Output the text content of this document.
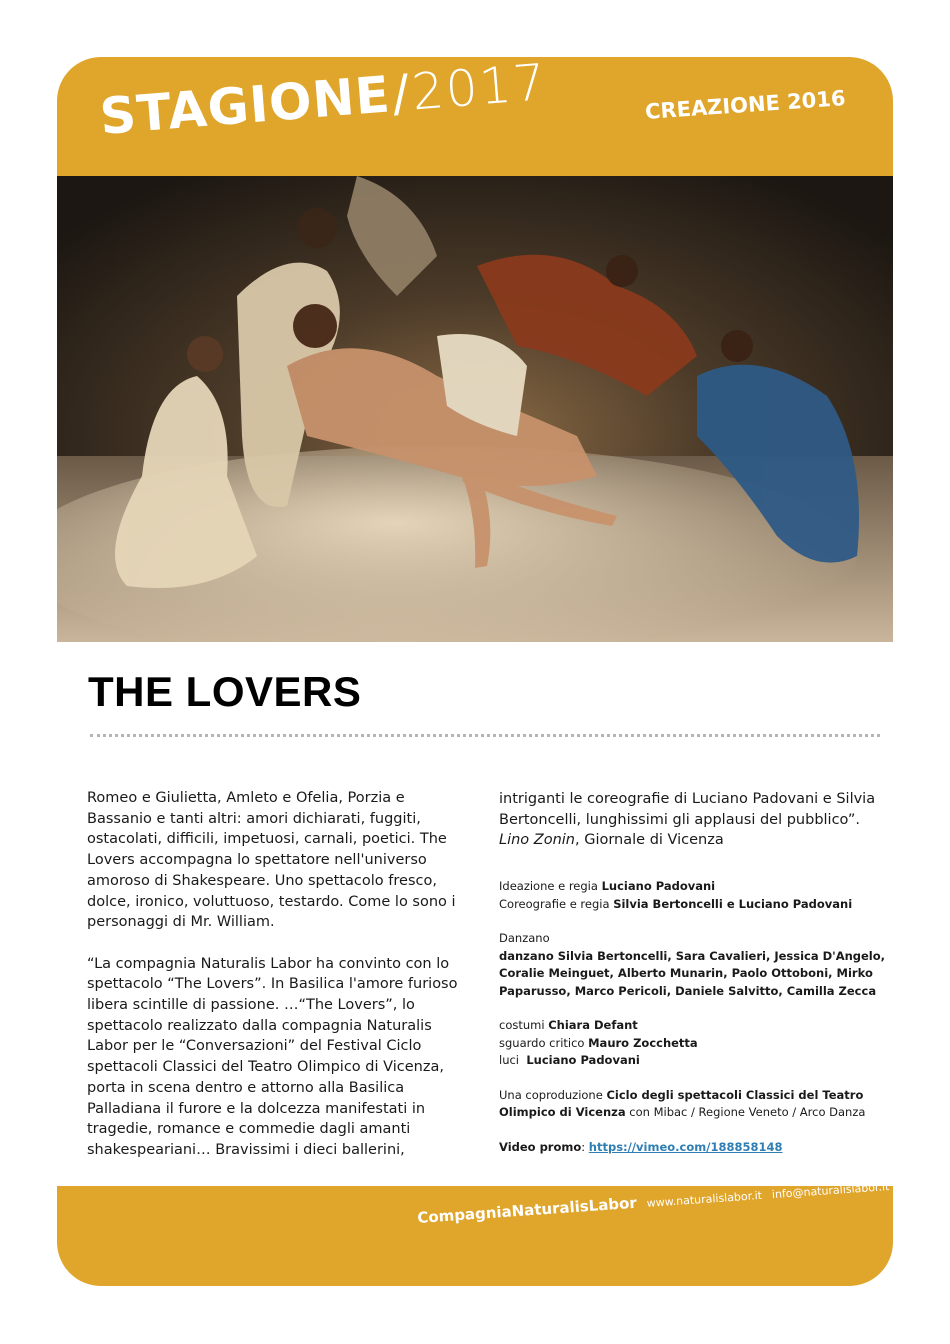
STAGIONE/2017	CREAZIONE 2016
THE LOVERS

Romeo e Giulietta, Amleto e Ofelia, Porzia e Bassanio e tanti altri: amori dichiarati, fuggiti, ostacolati, difficili, impetuosi, carnali, poetici. The Lovers accompagna lo spettatore nell'universo amoroso di Shakespeare. Uno spettacolo fresco, dolce, ironico, voluttuoso, testardo. Come lo sono i personaggi di Mr. William.

“La compagnia Naturalis Labor ha convinto con lo spettacolo “The Lovers”. In Basilica l'amore furioso libera scintille di passione. …“The Lovers”, lo spettacolo realizzato dalla compagnia Naturalis Labor per le “Conversazioni” del Festival Ciclo spettacoli Classici del Teatro Olimpico di Vicenza, porta in scena dentro e attorno alla Basilica Palladiana il furore e la dolcezza manifestati in tragedie, romance e commedie dagli amanti shakespeariani… Bravissimi i dieci ballerini,

intriganti le coreografie di Luciano Padovani e Silvia Bertoncelli, lunghissimi gli applausi del pubblico”.
Lino Zonin, Giornale di Vicenza

Ideazione e regia Luciano Padovani
Coreografie e regia Silvia Bertoncelli e Luciano Padovani
Danzano
danzano Silvia Bertoncelli, Sara Cavalieri, Jessica D'Angelo, Coralie Meinguet, Alberto Munarin, Paolo Ottoboni, Mirko Paparusso, Marco Pericoli, Daniele Salvitto, Camilla Zecca
costumi Chiara Defant
sguardo critico Mauro Zocchetta
luci  Luciano Padovani
Una coproduzione Ciclo degli spettacoli Classici del Teatro Olimpico di Vicenza con Mibac / Regione Veneto / Arco Danza
Video promo: https://vimeo.com/188858148
CompagniaNaturalisLabor www.naturalislabor.it info@naturalislabor.it
